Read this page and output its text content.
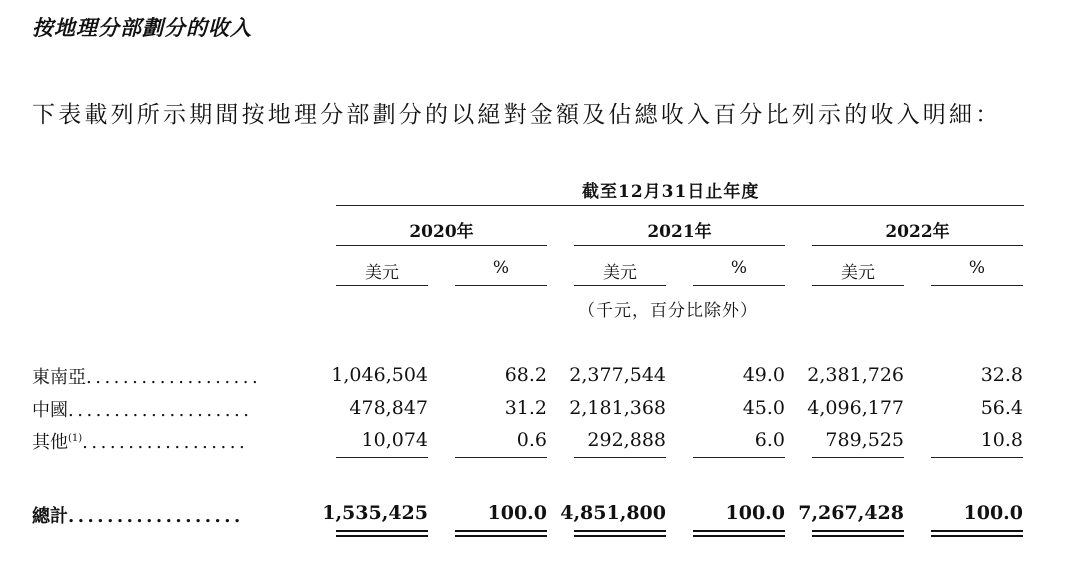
按地理分部劃分的收入
下表載列所示期間按地理分部劃分的以絕對金額及佔總收入百分比列示的收入明細：
截至12月31日止年度
2020年	2021年	2022年
美元	%	美元	%	美元	%
（千元，百分比除外）
東南亞...................	1,046,504	68.2	2,377,544	49.0	2,381,726	32.8
中國....................	478,847	31.2	2,181,368	45.0	4,096,177	56.4
其他$^{(1)}$..................	10,074	0.6	292,888	6.0	789,525	10.8
總計..................	1,535,425	100.0 4,851,800	100.0 7,267,428	100.0
